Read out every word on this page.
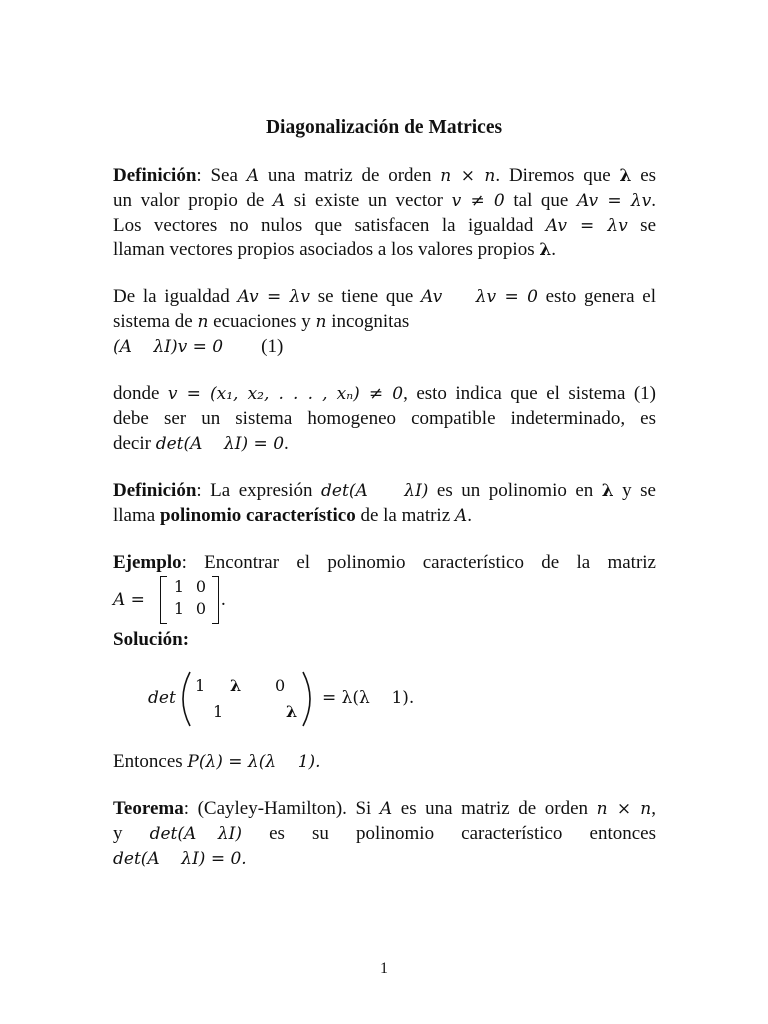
Diagonalización de Matrices
Definición: Sea A una matriz de orden n × n. Diremos que λ es
un valor propio de A si existe un vector v ≠ 0 tal que Av = λv.
Los vectores no nulos que satisfacen la igualdad Av = λv se
llaman vectores propios asociados a los valores propios λ.
De la igualdad Av = λv se tiene que Av    λv = 0 esto genera el
sistema de n ecuaciones y n incognitas
(A    λI)v = 0 (1)
donde v = (x₁, x₂, . . . , xₙ) ≠ 0, esto indica que el sistema (1)
debe ser un sistema homogeneo compatible indeterminado, es
decir det(A    λI) = 0.
Definición: La expresión det(A    λI) es un polinomio en λ y se
llama polinomio característico de la matriz A.
Ejemplo: Encontrar el polinomio característico de la matriz
A =
1 0
1 0 .
Solución:
det
1 λ 0
1	λ
= λ(λ    1).
Entonces P(λ) = λ(λ    1).
Teorema: (Cayley-Hamilton). Si A es una matriz de orden n × n,
y det(A    λI) es su polinomio característico entonces
det(A    λI) = 0.
1
